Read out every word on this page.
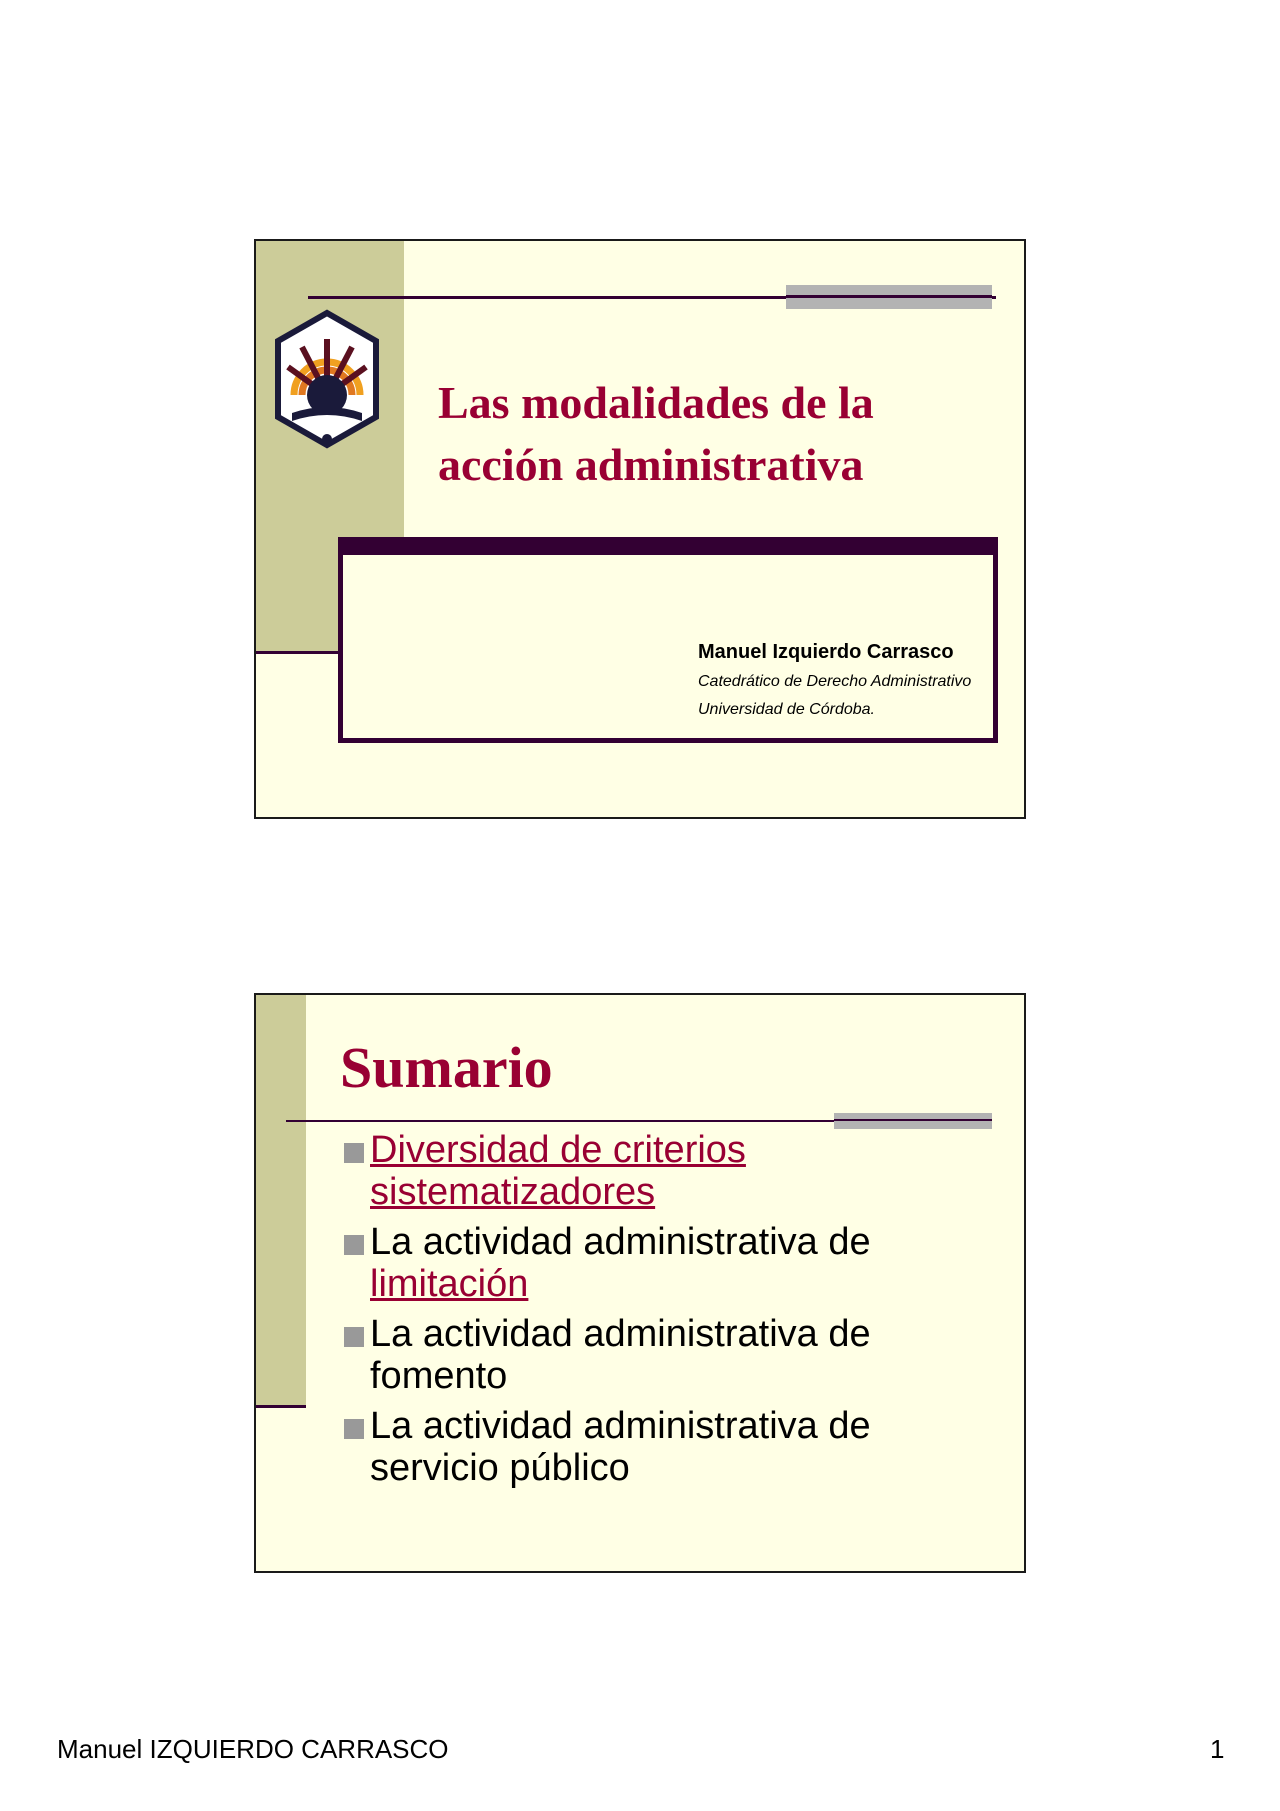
Las modalidades de la
acción administrativa
Manuel Izquierdo Carrasco
Catedrático de Derecho Administrativo
Universidad de Córdoba.
Sumario
Diversidad de criterios sistematizadores
La actividad administrativa de limitación
La actividad administrativa de fomento
La actividad administrativa de servicio público
Manuel IZQUIERDO CARRASCO	1
